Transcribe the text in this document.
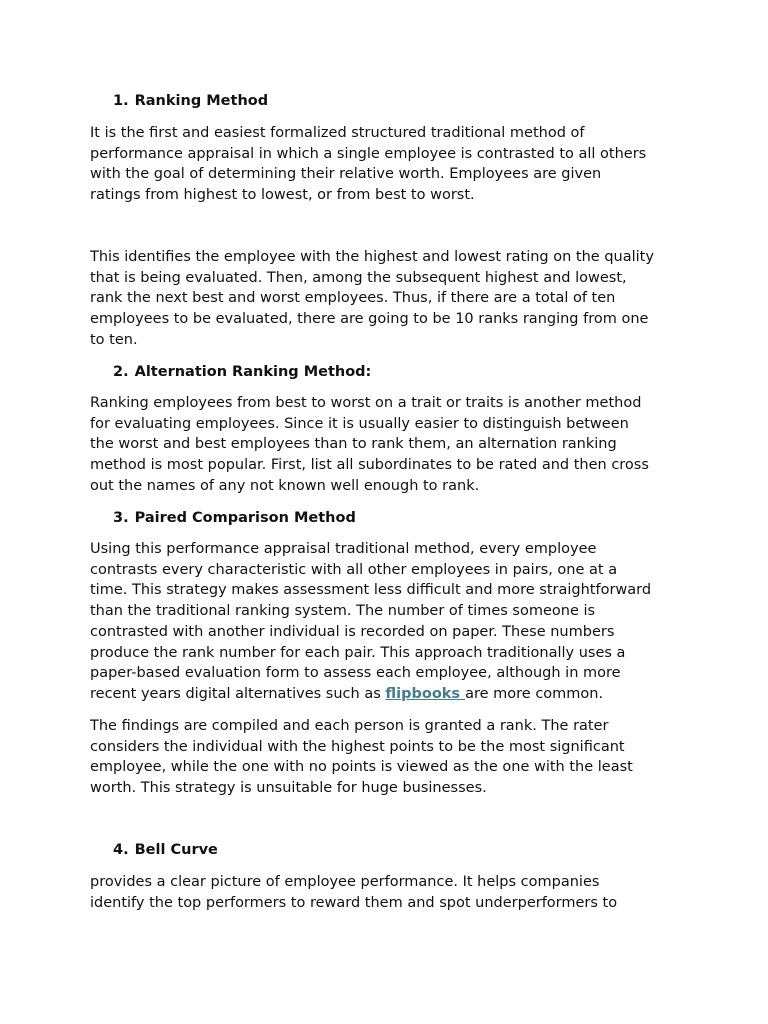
1. Ranking Method

It is the first and easiest formalized structured traditional method of
performance appraisal in which a single employee is contrasted to all others
with the goal of determining their relative worth. Employees are given
ratings from highest to lowest, or from best to worst.

This identifies the employee with the highest and lowest rating on the quality
that is being evaluated. Then, among the subsequent highest and lowest,
rank the next best and worst employees. Thus, if there are a total of ten
employees to be evaluated, there are going to be 10 ranks ranging from one
to ten.

2. Alternation Ranking Method:

Ranking employees from best to worst on a trait or traits is another method
for evaluating employees. Since it is usually easier to distinguish between
the worst and best employees than to rank them, an alternation ranking
method is most popular. First, list all subordinates to be rated and then cross
out the names of any not known well enough to rank.

3. Paired Comparison Method

Using this performance appraisal traditional method, every employee
contrasts every characteristic with all other employees in pairs, one at a
time. This strategy makes assessment less difficult and more straightforward
than the traditional ranking system. The number of times someone is
contrasted with another individual is recorded on paper. These numbers
produce the rank number for each pair. This approach traditionally uses a
paper-based evaluation form to assess each employee, although in more
recent years digital alternatives such as flipbooks are more common.

The findings are compiled and each person is granted a rank. The rater
considers the individual with the highest points to be the most significant
employee, while the one with no points is viewed as the one with the least
worth. This strategy is unsuitable for huge businesses.

4. Bell Curve

provides a clear picture of employee performance. It helps companies
identify the top performers to reward them and spot underperformers to
